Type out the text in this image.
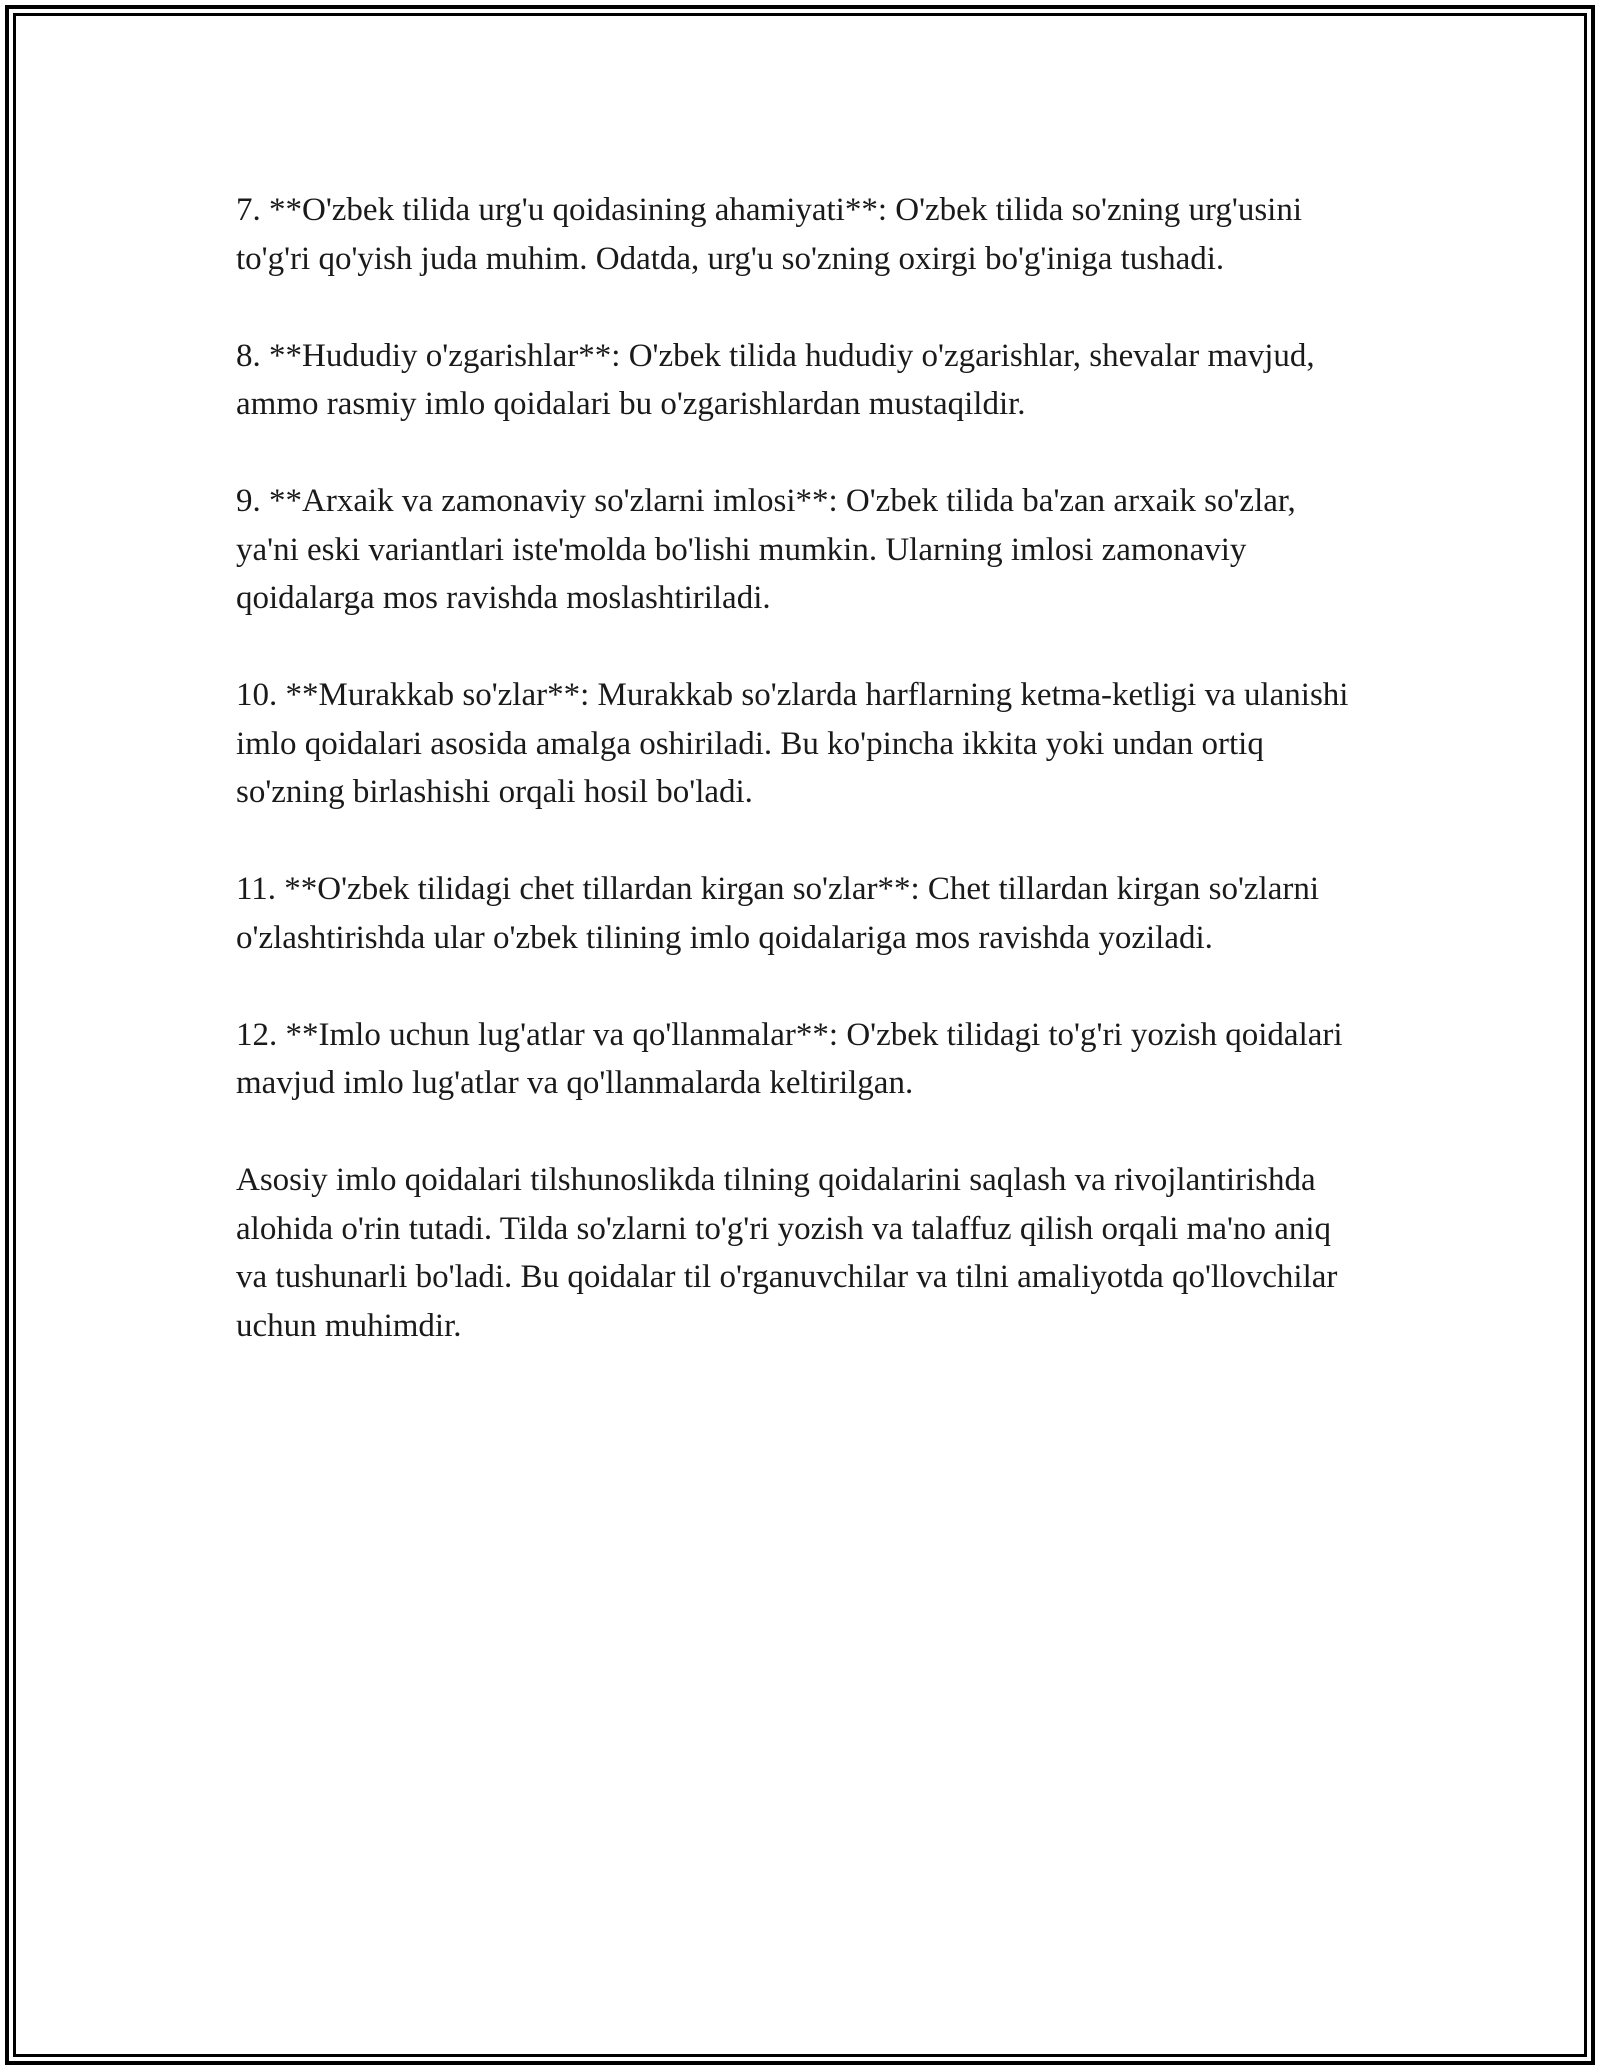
7. **O'zbek tilida urg'u qoidasining ahamiyati**: O'zbek tilida so'zning urg'usini to'g'ri qo'yish juda muhim. Odatda, urg'u so'zning oxirgi bo'g'iniga tushadi.

8. **Hududiy o'zgarishlar**: O'zbek tilida hududiy o'zgarishlar, shevalar mavjud, ammo rasmiy imlo qoidalari bu o'zgarishlardan mustaqildir.

9. **Arxaik va zamonaviy so'zlarni imlosi**: O'zbek tilida ba'zan arxaik so'zlar, ya'ni eski variantlari iste'molda bo'lishi mumkin. Ularning imlosi zamonaviy qoidalarga mos ravishda moslashtiriladi.

10. **Murakkab so'zlar**: Murakkab so'zlarda harflarning ketma-ketligi va ulanishi imlo qoidalari asosida amalga oshiriladi. Bu ko'pincha ikkita yoki undan ortiq so'zning birlashishi orqali hosil bo'ladi.

11. **O'zbek tilidagi chet tillardan kirgan so'zlar**: Chet tillardan kirgan so'zlarni o'zlashtirishda ular o'zbek tilining imlo qoidalariga mos ravishda yoziladi.

12. **Imlo uchun lug'atlar va qo'llanmalar**: O'zbek tilidagi to'g'ri yozish qoidalari mavjud imlo lug'atlar va qo'llanmalarda keltirilgan.

Asosiy imlo qoidalari tilshunoslikda tilning qoidalarini saqlash va rivojlantirishda alohida o'rin tutadi. Tilda so'zlarni to'g'ri yozish va talaffuz qilish orqali ma'no aniq va tushunarli bo'ladi. Bu qoidalar til o'rganuvchilar va tilni amaliyotda qo'llovchilar uchun muhimdir.
